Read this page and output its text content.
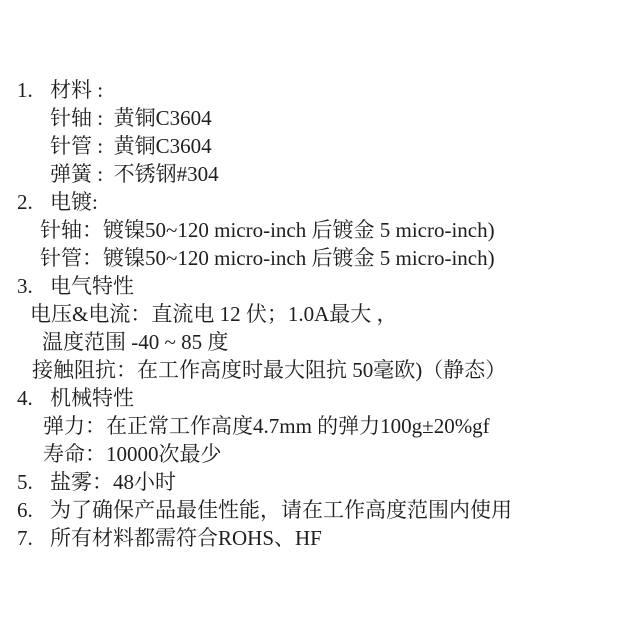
1. 材料 :
针轴 :  黄铜C3604
针管 :  黄铜C3604
弹簧 :  不锈钢#304
2. 电镀:
针轴：镀镍50~120 micro-inch 后镀金 5 micro-inch)
针管：镀镍50~120 micro-inch 后镀金 5 micro-inch)
3. 电气特性
电压&电流：直流电 12 伏；1.0A最大 ，
温度范围 -40 ~ 85 度
接触阻抗：在工作高度时最大阻抗 50毫欧)（静态）
4. 机械特性
弹力：在正常工作高度4.7mm 的弹力100g±20%gf
寿命：10000次最少
5. 盐雾：48小时
6. 为了确保产品最佳性能，请在工作高度范围内使用
7. 所有材料都需符合ROHS、HF
